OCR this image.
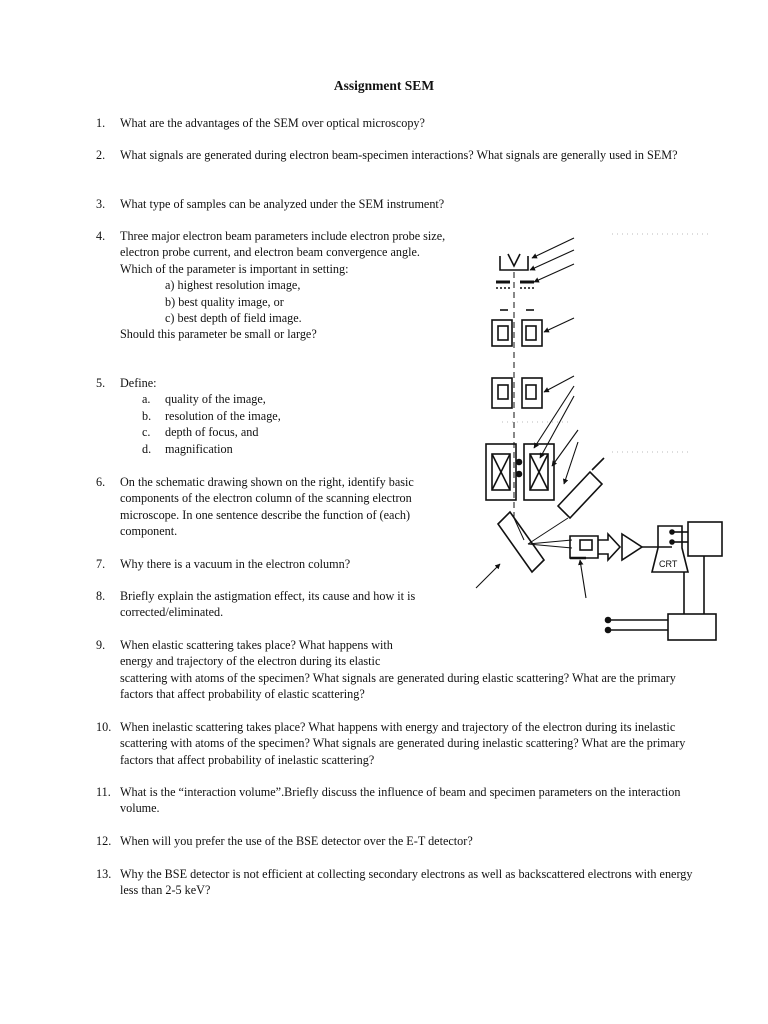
Assignment SEM
1.	What are the advantages of the SEM over optical microscopy?
2.	What signals are generated during electron beam-specimen interactions? What signals are generally used in SEM?
3.	What type of samples can be analyzed under the SEM instrument?
4.	Three major electron beam parameters include electron probe size, electron probe current, and electron beam convergence angle. Which of the parameter is important in setting:
a) highest resolution image,
b) best quality image, or
c) best depth of field image.
Should this parameter be small or large?
5.	Define:
a. quality of the image,
b. resolution of the image,
c. depth of focus, and
d. magnification
6.	On the schematic drawing shown on the right, identify basic components of the electron column of the scanning electron microscope. In one sentence describe the function of (each) component.
7.	Why there is a vacuum in the electron column?
8.	Briefly explain the astigmation effect, its cause and how it is corrected/eliminated.
9.	When elastic scattering takes place? What happens with
energy and trajectory of the electron during its elastic
scattering with atoms of the specimen? What signals are generated during elastic scattering? What are the primary factors that affect probability of elastic scattering?
10. When inelastic scattering takes place? What happens with energy and trajectory of the electron during its inelastic scattering with atoms of the specimen? What signals are generated during inelastic scattering? What are the primary factors that affect probability of inelastic scattering?
11. What is the “interaction volume”.Briefly discuss the influence of beam and specimen parameters on the interaction volume.
12. When will you prefer the use of the BSE detector over the E-T detector?
13. Why the BSE detector is not efficient at collecting secondary electrons as well as backscattered electrons with energy less than 2-5 keV?
CRT
